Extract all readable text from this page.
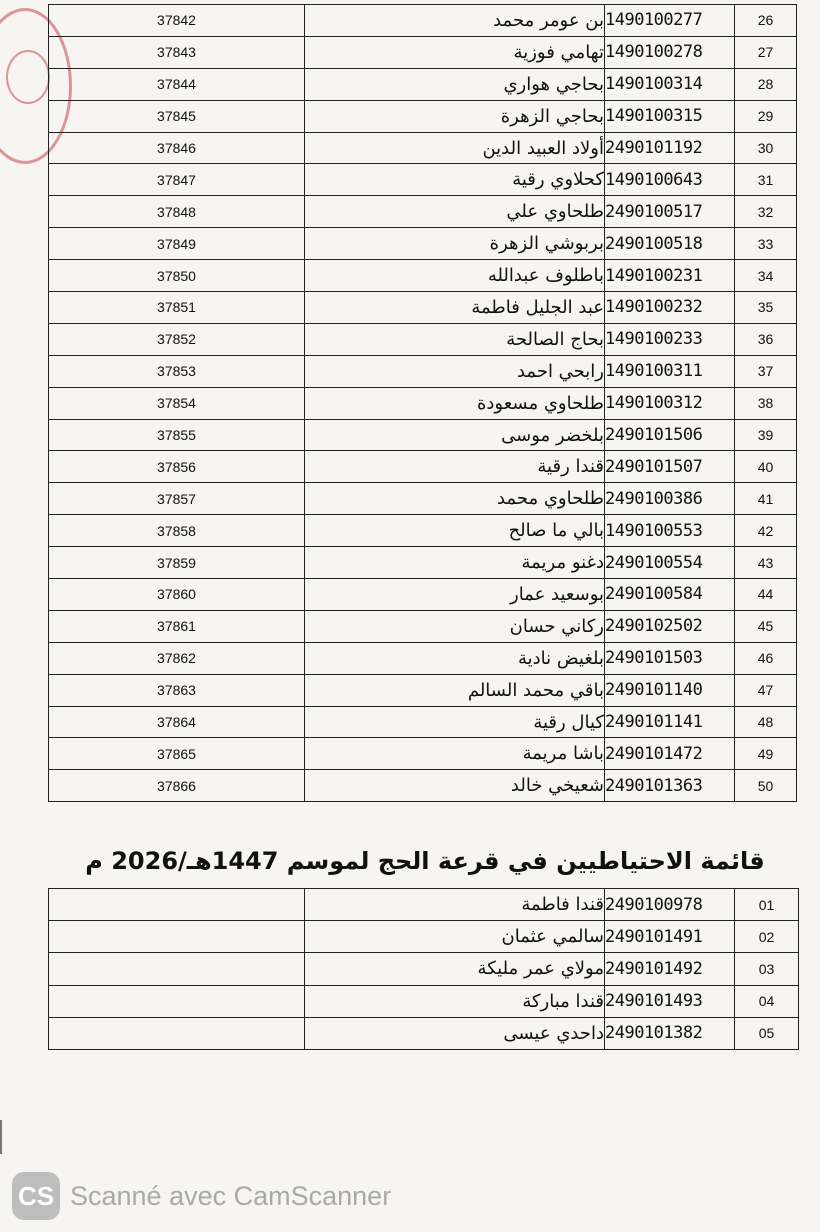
37842	بن عومر محمد	1490100277	26
37843	تهامي فوزية	1490100278	27
37844	بحاجي هواري	1490100314	28
37845	بحاجي الزهرة	1490100315	29
37846	أولاد العبيد الدين	2490101192	30
37847	كحلاوي رقية	1490100643	31
37848	طلحاوي علي	2490100517	32
37849	بربوشي الزهرة	2490100518	33
37850	باطلوف عبدالله	1490100231	34
37851	عبد الجليل فاطمة	1490100232	35
37852	بحاج الصالحة	1490100233	36
37853	رابحي احمد	1490100311	37
37854	طلحاوي مسعودة	1490100312	38
37855	بلخضر موسى	2490101506	39
37856	قندا رقية	2490101507	40
37857	طلحاوي محمد	2490100386	41
37858	بالي ما صالح	1490100553	42
37859	دغنو مريمة	2490100554	43
37860	بوسعيد عمار	2490100584	44
37861	ركاني حسان	2490102502	45
37862	بلغيض نادية	2490101503	46
37863	باقي محمد السالم	2490101140	47
37864	كيال رقية	2490101141	48
37865	باشا مريمة	2490101472	49
37866	شعيخي خالد	2490101363	50
قائمة الاحتياطيين في قرعة الحج لموسم 1447هـ/2026 م
	قندا فاطمة	2490100978	01
	سالمي عثمان	2490101491	02
	مولاي عمر مليكة	2490101492	03
	قندا مباركة	2490101493	04
	داحدي عيسى	2490101382	05
CS Scanné avec CamScanner
